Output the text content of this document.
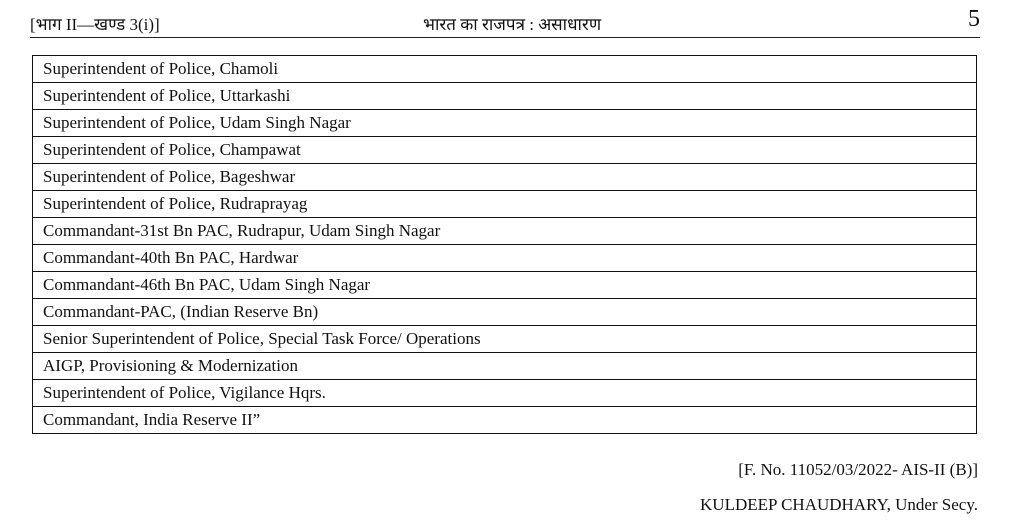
[भाग II—खण्ड 3(i)]	भारत का राजपत्र : असाधारण	5
Superintendent of Police, Chamoli
Superintendent of Police, Uttarkashi
Superintendent of Police, Udam Singh Nagar
Superintendent of Police, Champawat
Superintendent of Police, Bageshwar
Superintendent of Police, Rudraprayag
Commandant-31st Bn PAC, Rudrapur, Udam Singh Nagar
Commandant-40th Bn PAC, Hardwar
Commandant-46th Bn PAC, Udam Singh Nagar
Commandant-PAC, (Indian Reserve Bn)
Senior Superintendent of Police, Special Task Force/ Operations
AIGP, Provisioning & Modernization
Superintendent of Police, Vigilance Hqrs.
Commandant, India Reserve II”
[F. No. 11052/03/2022- AIS-II (B)]
KULDEEP CHAUDHARY, Under Secy.
